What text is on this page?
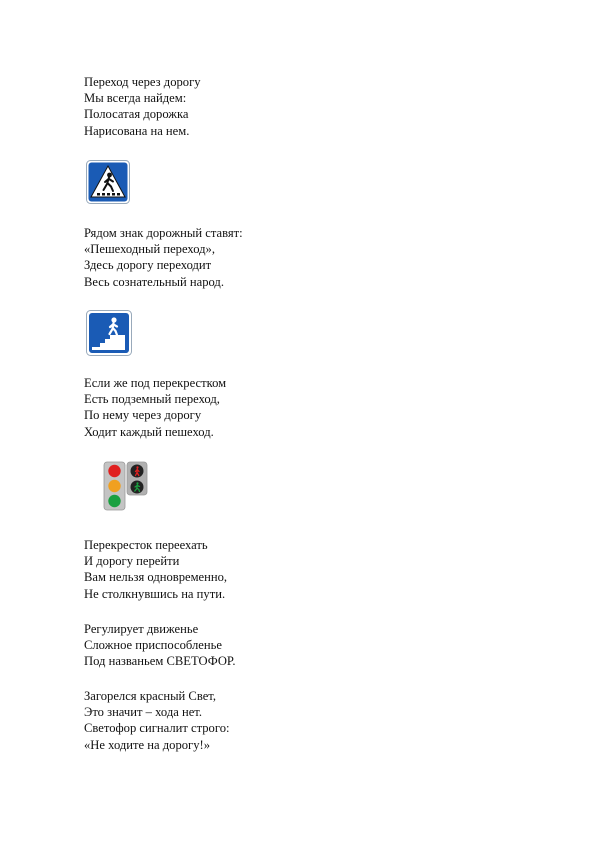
Переход через дорогу
Мы всегда найдем:
Полосатая дорожка
Нарисована на нем.
Рядом знак дорожный ставят:
«Пешеходный переход»,
Здесь дорогу переходит
Весь сознательный народ.
Если же под перекрестком
Есть подземный переход,
По нему через дорогу
Ходит каждый пешеход.
Перекресток переехать
И дорогу перейти
Вам нельзя одновременно,
Не столкнувшись на пути.
Регулирует движенье
Сложное приспособленье
Под названьем СВЕТОФОР.
Загорелся красный Свет,
Это значит – хода нет.
Светофор сигналит строго:
«Не ходите на дорогу!»
